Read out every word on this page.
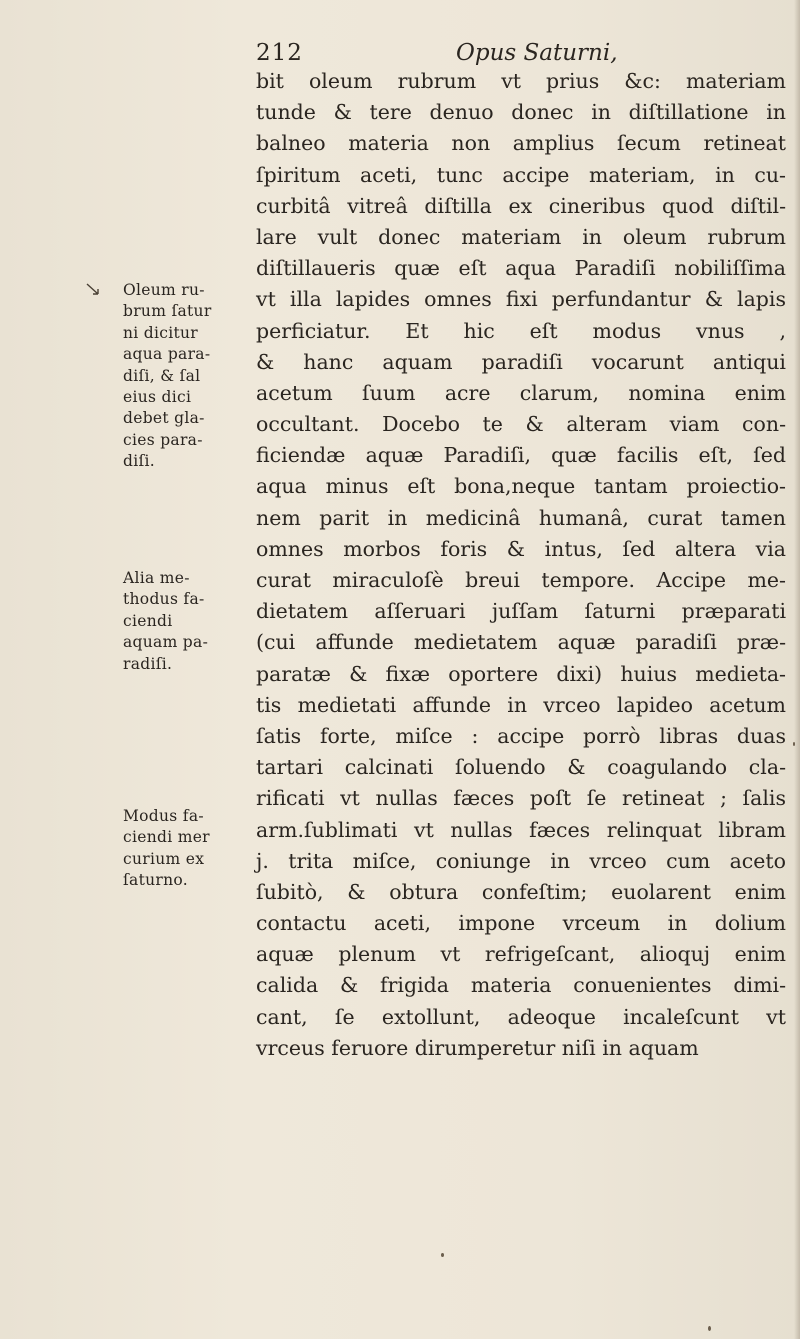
212	Opus Saturni,
Oleum ru-
brum ſatur
ni dicitur
aqua para-
diſi, & ſal
eius dici
debet gla-
cies para-
diſi.
Alia me-
thodus fa-
ciendi
aquam pa-
radiſi.
Modus fa-
ciendi mer
curium ex
ſaturno.
bit oleum rubrum vt prius &c: materiam
tunde & tere denuo donec in diſtillatione in
balneo materia non amplius ſecum retineat
ſpiritum aceti, tunc accipe materiam, in cu-
curbitâ vitreâ diſtilla ex cineribus quod diſtil-
lare vult donec materiam in oleum rubrum
diſtillaueris quæ eſt aqua Paradiſi nobiliſſima
vt illa lapides omnes fixi perfundantur & lapis
perficiatur. Et hic eſt modus vnus ,
& hanc aquam paradiſi vocarunt antiqui
acetum ſuum acre clarum, nomina enim
occultant. Docebo te & alteram viam con-
ficiendæ aquæ Paradiſi, quæ facilis eſt, ſed
aqua minus eſt bona,neque tantam proiectio-
nem parit in medicinâ humanâ, curat tamen
omnes morbos foris & intus, ſed altera via
curat miraculoſè breui tempore. Accipe me-
dietatem aſſeruari juſſam ſaturni præparati
(cui affunde medietatem aquæ paradiſi præ-
paratæ & fixæ oportere dixi) huius medieta-
tis medietati affunde in vrceo lapideo acetum
ſatis forte, miſce : accipe porrò libras duas
tartari calcinati ſoluendo & coagulando cla-
rificati vt nullas fæces poſt ſe retineat ; ſalis
arm.ſublimati vt nullas fæces relinquat libram
j. trita miſce, coniunge in vrceo cum aceto
ſubitò, & obtura confeſtim; euolarent enim
contactu aceti, impone vrceum in dolium
aquæ plenum vt refrigeſcant, alioquj enim
calida & frigida materia conuenientes dimi-
cant, ſe extollunt, adeoque incaleſcunt vt
vrceus feruore dirumperetur niſi in aquam
